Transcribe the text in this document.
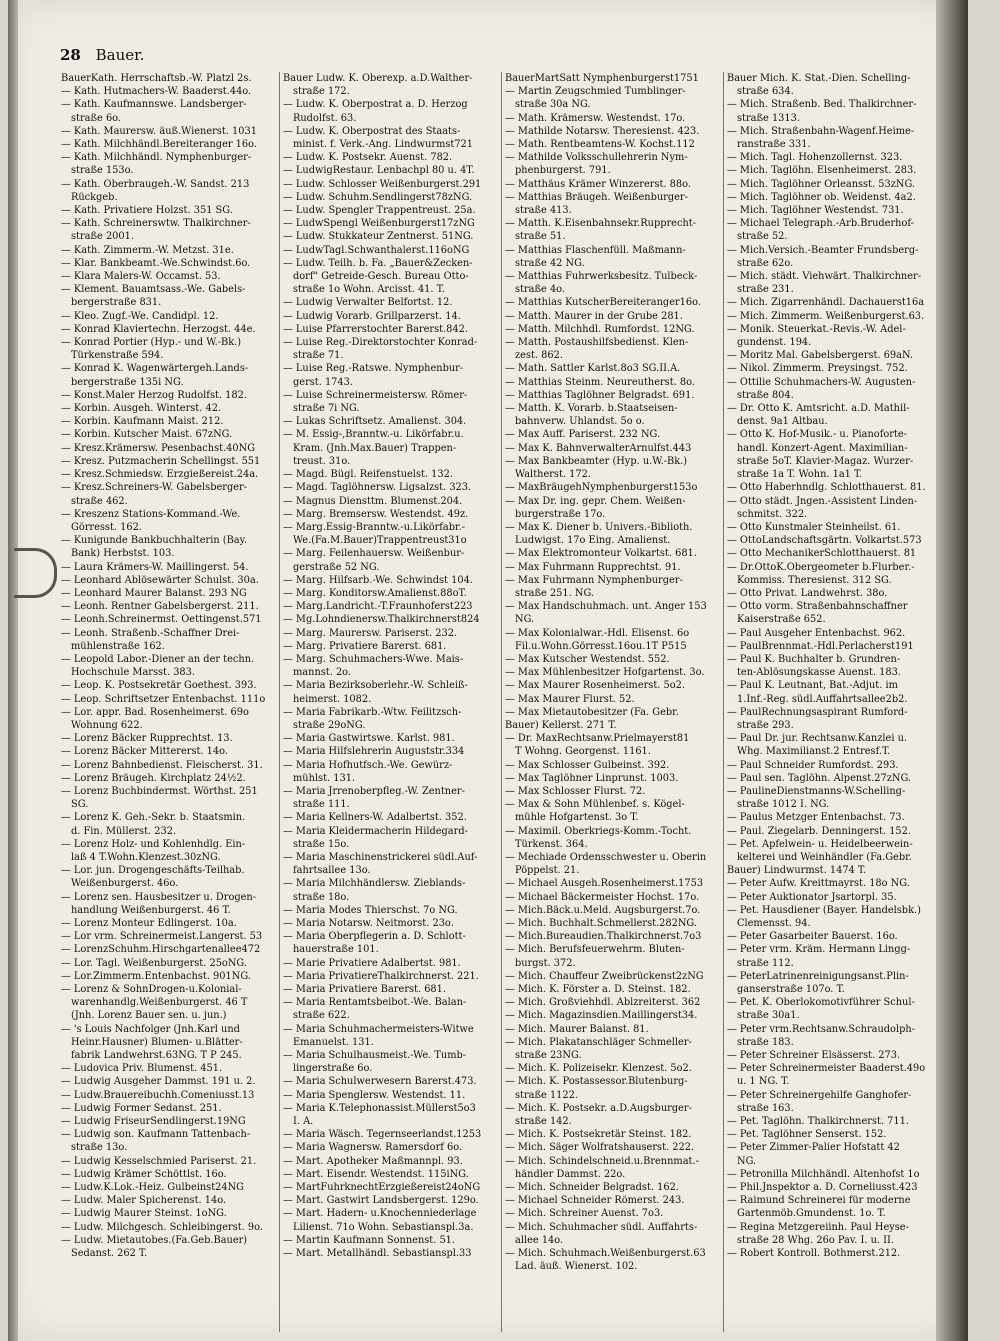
28 Bauer.
BauerKath. Herrschaftsb.-W. Platzl 2s.
— Kath. Hutmachers-W. Baaderst.44o.
— Kath. Kaufmannswe. Landsberger-
straße 6o.
— Kath. Maurersw. äuß.Wienerst. 1031
— Kath. Milchhändl.Bereiteranger 16o.
— Kath. Milchhändl. Nymphenburger-
straße 153o.
— Kath. Oberbraugeh.-W. Sandst. 213
Rückgeb.
— Kath. Privatiere Holzst. 351 SG.
— Kath. Schreinerswtw. Thalkirchner-
straße 2001.
— Kath. Zimmerm.-W. Metzst. 31e.
— Klar. Bankbeamt.-We.Schwindst.6o.
— Klara Malers-W. Occamst. 53.
— Klement. Bauamtsass.-We. Gabels-
bergerstraße 831.
— Kleo. Zugf.-We. Candidpl. 12.
— Konrad Klaviertechn. Herzogst. 44e.
— Konrad Portier (Hyp.- und W.-Bk.)
Türkenstraße 594.
— Konrad K. Wagenwärtergeh.Lands-
bergerstraße 135i NG.
— Konst.Maler Herzog Rudolfst. 182.
— Korbin. Ausgeh. Winterst. 42.
— Korbin. Kaufmann Maist. 212.
— Korbin. Kutscher Maist. 67zNG.
— Kresz.Krämersw. Pesenbachst.40NG
— Kresz. Putzmacherin Schellingst. 551
— Kresz.Schmiedsw. Erzgießereist.24a.
— Kresz.Schreiners-W. Gabelsberger-
straße 462.
— Kreszenz Stations-Kommand.-We.
Görresst. 162.
— Kunigunde Bankbuchhalterin (Bay.
Bank) Herbstst. 103.
— Laura Krämers-W. Maillingerst. 54.
— Leonhard Ablösewärter Schulst. 30a.
— Leonhard Maurer Balanst. 293 NG
— Leonh. Rentner Gabelsbergerst. 211.
— Leonh.Schreinermst. Oettingenst.571
— Leonh. Straßenb.-Schaffner Drei-
mühlenstraße 162.
— Leopold Labor.-Diener an der techn.
Hochschule Marsst. 383.
— Leop. K. Postsekretär Goethest. 393.
— Leop. Schriftsetzer Entenbachst. 111o
— Lor. appr. Bad. Rosenheimerst. 69o
Wohnung 622.
— Lorenz Bäcker Rupprechtst. 13.
— Lorenz Bäcker Mittererst. 14o.
— Lorenz Bahnbedienst. Fleischerst. 31.
— Lorenz Bräugeh. Kirchplatz 24½2.
— Lorenz Buchbindermst. Wörthst. 251
SG.
— Lorenz K. Geh.-Sekr. b. Staatsmin.
d. Fin. Müllerst. 232.
— Lorenz Holz- und Kohlenhdlg. Ein-
laß 4 T.Wohn.Klenzest.30zNG.
— Lor. jun. Drogengeschäfts-Teilhab.
Weißenburgerst. 46o.
— Lorenz sen. Hausbesitzer u. Drogen-
handlung Weißenburgerst. 46 T.
— Lorenz Monteur Edlingerst. 10a.
— Lor vrm. Schreinermeist.Langerst. 53
— LorenzSchuhm.Hirschgartenallee472
— Lor. Tagl. Weißenburgerst. 25oNG.
— Lor.Zimmerm.Entenbachst. 901NG.
— Lorenz & SohnDrogen-u.Kolonial-
warenhandlg.Weißenburgerst. 46 T
(Jnh. Lorenz Bauer sen. u. jun.)
— 's Louis Nachfolger (Jnh.Karl und
Heinr.Hausner) Blumen- u.Blätter-
fabrik Landwehrst.63NG. T P 245.
— Ludovica Priv. Blumenst. 451.
— Ludwig Ausgeher Dammst. 191 u. 2.
— Ludw.Brauereibuchh.Comeniusst.13
— Ludwig Former Sedanst. 251.
— Ludwig FriseurSendlingerst.19NG
— Ludwig son. Kaufmann Tattenbach-
straße 13o.
— Ludwig Kesselschmied Pariserst. 21.
— Ludwig Krämer Schöttlst. 16o.
— Ludw.K.Lok.-Heiz. Gulbeinst24NG
— Ludw. Maler Spicherenst. 14o.
— Ludwig Maurer Steinst. 1oNG.
— Ludw. Milchgesch. Schleibingerst. 9o.
— Ludw. Mietautobes.(Fa.Geb.Bauer)
Sedanst. 262 T.
Bauer Ludw. K. Oberexp. a.D.Walther-
straße 172.
— Ludw. K. Oberpostrat a. D. Herzog
Rudolfst. 63.
— Ludw. K. Oberpostrat des Staats-
minist. f. Verk.-Ang. Lindwurmst721
— Ludw. K. Postsekr. Auenst. 782.
— LudwigRestaur. Lenbachpl 80 u. 4T.
— Ludw. Schlosser Weißenburgerst.291
— Ludw. Schuhm.Sendlingerst78zNG.
— Ludw. Spengler Trappentreust. 25a.
— LudwSpengl Weißenburgerst17zNG
— Ludw. Stukkateur Zentnerst. 51NG.
— LudwTagl.Schwanthalerst.116oNG
— Ludw. Teilh. b. Fa. „Bauer&Zecken-
dorf" Getreide-Gesch. Bureau Otto-
straße 1o Wohn. Arcisst. 41. T.
— Ludwig Verwalter Belfortst. 12.
— Ludwig Vorarb. Grillparzerst. 14.
— Luise Pfarrerstochter Barerst.842.
— Luise Reg.-Direktorstochter Konrad-
straße 71.
— Luise Reg.-Ratswe. Nymphenbur-
gerst. 1743.
— Luise Schreinermeistersw. Römer-
straße 7i NG.
— Lukas Schriftsetz. Amalienst. 304.
— M. Essig-,Branntw.-u. Likörfabr.u.
Kram. (Jnh.Max.Bauer) Trappen-
treust. 31o.
— Magd. Bügl. Reifenstuelst. 132.
— Magd. Taglöhnersw. Ligsalzst. 323.
— Magnus Diensttm. Blumenst.204.
— Marg. Bremsersw. Westendst. 49z.
— Marg.Essig-Branntw.-u.Likörfabr.-
We.(Fa.M.Bauer)Trappentreust31o
— Marg. Feilenhauersw. Weißenbur-
gerstraße 52 NG.
— Marg. Hilfsarb.-We. Schwindst 104.
— Marg. Konditorsw.Amalienst.88oT.
— Marg.Landricht.-T.Fraunhoferst223
— Mg.Lohndienersw.Thalkirchnerst824
— Marg. Maurersw. Pariserst. 232.
— Marg. Privatiere Barerst. 681.
— Marg. Schuhmachers-Wwe. Mais-
mannst. 2o.
— Maria Bezirksoberlehr.-W. Schleiß-
heimerst. 1082.
— Maria Fabrikarb.-Wtw. Feilitzsch-
straße 29oNG.
— Maria Gastwirtswe. Karlst. 981.
— Maria Hilfslehrerin Auguststr.334
— Maria Hofhutfsch.-We. Gewürz-
mühlst. 131.
— Maria Jrrenoberpfleg.-W. Zentner-
straße 111.
— Maria Kellners-W. Adalbertst. 352.
— Maria Kleidermacherin Hildegard-
straße 15o.
— Maria Maschinenstrickerei südl.Auf-
fahrtsallee 13o.
— Maria Milchhändlersw. Zieblands-
straße 18o.
— Maria Modes Thierschst. 7o NG.
— Maria Notarsw. Neitmorst. 23o.
— Maria Oberpflegerin a. D. Schlott-
hauerstraße 101.
— Marie Privatiere Adalbertst. 981.
— Maria PrivatiereThalkirchnerst. 221.
— Maria Privatiere Barerst. 681.
— Maria Rentamtsbeibot.-We. Balan-
straße 622.
— Maria Schuhmachermeisters-Witwe
Emanuelst. 131.
— Maria Schulhausmeist.-We. Tumb-
lingerstraße 6o.
— Maria Schulwerwesern Barerst.473.
— Maria Spenglersw. Westendst. 11.
— Maria K.Telephonassist.Müllerst5o3
I. A.
— Maria Wäsch. Tegernseerlandst.1253
— Maria Wagnersw. Ramersdorf 6o.
— Mart. Apotheker Maßmannpl. 93.
— Mart. Eisendr. Westendst. 115iNG.
— MartFuhrknechtErzgießereist24oNG
— Mart. Gastwirt Landsbergerst. 129o.
— Mart. Hadern- u.Knochenniederlage
Lilienst. 71o Wohn. Sebastianspl.3a.
— Martin Kaufmann Sonnenst. 51.
— Mart. Metallhändl. Sebastianspl.33
BauerMartSatt Nymphenburgerst1751
— Martin Zeugschmied Tumblinger-
straße 30a NG.
— Math. Krämersw. Westendst. 17o.
— Mathilde Notarsw. Theresienst. 423.
— Math. Rentbeamtens-W. Kochst.112
— Mathilde Volksschullehrerin Nym-
phenburgerst. 791.
— Matthäus Krämer Winzererst. 88o.
— Matthias Bräugeh. Weißenburger-
straße 413.
— Matth. K.Eisenbahnsekr.Rupprecht-
straße 51.
— Matthias Flaschenfüll. Maßmann-
straße 42 NG.
— Matthias Fuhrwerksbesitz. Tulbeck-
straße 4o.
— Matthias KutscherBereiteranger16o.
— Matth. Maurer in der Grube 281.
— Matth. Milchhdl. Rumfordst. 12NG.
— Matth. Postaushilfsbedienst. Klen-
zest. 862.
— Math. Sattler Karlst.8o3 SG.II.A.
— Matthias Steinm. Neureutherst. 8o.
— Matthias Taglöhner Belgradst. 691.
— Matth. K. Vorarb. b.Staatseisen-
bahnverw. Uhlandst. 5o o.
— Max Auff. Pariserst. 232 NG.
— Max K. BahnverwalterArnulfst.443
— Max Bankbeamter (Hyp. u.W.-Bk.)
Waltherst. 172.
— MaxBräugehNymphenburgerst153o
— Max Dr. ing. gepr. Chem. Weißen-
burgerstraße 17o.
— Max K. Diener b. Univers.-Biblioth.
Ludwigst. 17o Eing. Amalienst.
— Max Elektromonteur Volkartst. 681.
— Max Fuhrmann Rupprechtst. 91.
— Max Fuhrmann Nymphenburger-
straße 251. NG.
— Max Handschuhmach. unt. Anger 153
NG.
— Max Kolonialwar.-Hdl. Elisenst. 6o
Fil.u.Wohn.Görresst.16ou.1T P515
— Max Kutscher Westendst. 552.
— Max Mühlenbesitzer Hofgartenst. 3o.
— Max Maurer Rosenheimerst. 5o2.
— Max Maurer Flurst. 52.
— Max Mietautobesitzer (Fa. Gebr.
Bauer) Kellerst. 271 T.
— Dr. MaxRechtsanw.Prielmayerst81
T Wohng. Georgenst. 1161.
— Max Schlosser Gulbeinst. 392.
— Max Taglöhner Linprunst. 1003.
— Max Schlosser Flurst. 72.
— Max & Sohn Mühlenbef. s. Kögel-
mühle Hofgartenst. 3o T.
— Maximil. Oberkriegs-Komm.-Tocht.
Türkenst. 364.
— Mechiade Ordensschwester u. Oberin
Pöppelst. 21.
— Michael Ausgeh.Rosenheimerst.1753
— Michael Bäckermeister Hochst. 17o.
— Mich.Bäck.u.Meld. Augsburgerst.7o.
— Mich. Buchhalt.Schmellerst.282NG.
— Mich.Bureaudien.Thalkirchnerst.7o3
— Mich. Berufsfeuerwehrm. Bluten-
burgst. 372.
— Mich. Chauffeur Zweibrückenst2zNG
— Mich. K. Förster a. D. Steinst. 182.
— Mich. Großviehhdl. Ablzreiterst. 362
— Mich. Magazinsdien.Maillingerst34.
— Mich. Maurer Balanst. 81.
— Mich. Plakatanschläger Schmeller-
straße 23NG.
— Mich. K. Polizeisekr. Klenzest. 5o2.
— Mich. K. Postassessor.Blutenburg-
straße 1122.
— Mich. K. Postsekr. a.D.Augsburger-
straße 142.
— Mich. K. Postsekretär Steinst. 182.
— Mich. Säger Wolfratshauserst. 222.
— Mich. Schindelschneid.u.Brennmat.-
händler Dammst. 22o.
— Mich. Schneider Belgradst. 162.
— Michael Schneider Römerst. 243.
— Mich. Schreiner Auenst. 7o3.
— Mich. Schuhmacher südl. Auffahrts-
allee 14o.
— Mich. Schuhmach.Weißenburgerst.63
Lad. äuß. Wienerst. 102.
Bauer Mich. K. Stat.-Dien. Schelling-
straße 634.
— Mich. Straßenb. Bed. Thalkirchner-
straße 1313.
— Mich. Straßenbahn-Wagenf.Heime-
ranstraße 331.
— Mich. Tagl. Hohenzollernst. 323.
— Mich. Taglöhn. Elsenheimerst. 283.
— Mich. Taglöhner Orleansst. 53zNG.
— Mich. Taglöhner ob. Weidenst. 4a2.
— Mich. Taglöhner Westendst. 731.
— Michael Telegraph.-Arb.Bruderhof-
straße 52.
— Mich.Versich.-Beamter Frundsberg-
straße 62o.
— Mich. städt. Viehwärt. Thalkirchner-
straße 231.
— Mich. Zigarrenhändl. Dachauerst16a
— Mich. Zimmerm. Weißenburgerst.63.
— Monik. Steuerkat.-Revis.-W. Adel-
gundenst. 194.
— Moritz Mal. Gabelsbergerst. 69aN.
— Nikol. Zimmerm. Preysingst. 752.
— Ottilie Schuhmachers-W. Augusten-
straße 804.
— Dr. Otto K. Amtsricht. a.D. Mathil-
denst. 9a1 Altbau.
— Otto K. Hof-Musik.- u. Pianoforte-
handl. Konzert-Agent. Maximilian-
straße 5oT. Klavier-Magaz. Wurzer-
straße 1a T. Wohn. 1a1 T.
— Otto Haberhndlg. Schlotthauerst. 81.
— Otto städt. Jngen.-Assistent Linden-
schmitst. 322.
— Otto Kunstmaler Steinheilst. 61.
— OttoLandschaftsgärtn. Volkartst.573
— Otto MechanikerSchlotthauerst. 81
— Dr.OttoK.Obergeometer b.Flurber.-
Kommiss. Theresienst. 312 SG.
— Otto Privat. Landwehrst. 38o.
— Otto vorm. Straßenbahnschaffner
Kaiserstraße 652.
— Paul Ausgeher Entenbachst. 962.
— PaulBrennmat.-Hdl.Perlacherst191
— Paul K. Buchhalter b. Grundren-
ten-Ablösungskasse Auenst. 183.
— Paul K. Leutnant, Bat.-Adjut. im
1.Inf.-Reg. südl.Auffahrtsallee2b2.
— PaulRechnungsaspirant Rumford-
straße 293.
— Paul Dr. jur. Rechtsanw.Kanzlei u.
Whg. Maximilianst.2 Entresf.T.
— Paul Schneider Rumfordst. 293.
— Paul sen. Taglöhn. Alpenst.27zNG.
— PaulineDienstmanns-W.Schelling-
straße 1012 I. NG.
— Paulus Metzger Entenbachst. 73.
— Paul. Ziegelarb. Denningerst. 152.
— Pet. Apfelwein- u. Heidelbeerwein-
kelterei und Weinhändler (Fa.Gebr.
Bauer) Lindwurmst. 1474 T.
— Peter Aufw. Kreittmayrst. 18o NG.
— Peter Auktionator Jsartorpl. 35.
— Pet. Hausdiener (Bayer. Handelsbk.)
Clemensst. 94.
— Peter Gasarbeiter Bauerst. 16o.
— Peter vrm. Kräm. Hermann Lingg-
straße 112.
— PeterLatrinenreinigungsanst.Plin-
ganserstraße 107o. T.
— Pet. K. Oberlokomotivführer Schul-
straße 30a1.
— Peter vrm.Rechtsanw.Schraudolph-
straße 183.
— Peter Schreiner Elsässerst. 273.
— Peter Schreinermeister Baaderst.49o
u. 1 NG. T.
— Peter Schreinergehilfe Ganghofer-
straße 163.
— Pet. Taglöhn. Thalkirchnerst. 711.
— Pet. Taglöhner Senserst. 152.
— Peter Zimmer-Palier Hofstatt 42
NG.
— Petronilla Milchhändl. Altenhofst 1o
— Phil.Jnspektor a. D. Corneliusst.423
— Raimund Schreinerei für moderne
Gartenmöb.Gmundenst. 1o. T.
— Regina Metzgereiinh. Paul Heyse-
straße 28 Whg. 26o Pav. I. u. II.
— Robert Kontroll. Bothmerst.212.
